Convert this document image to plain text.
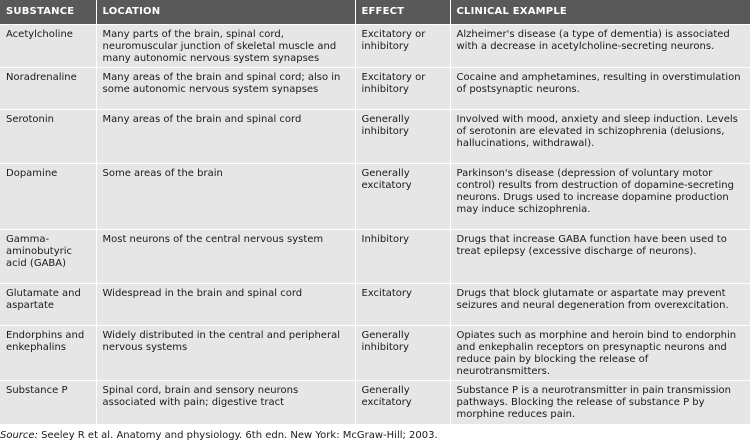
SUBSTANCE	LOCATION	EFFECT	CLINICAL EXAMPLE
Acetylcholine	Many parts of the brain, spinal cord, neuromuscular junction of skeletal muscle and many autonomic nervous system synapses	Excitatory or inhibitory	Alzheimer's disease (a type of dementia) is associated with a decrease in acetylcholine-secreting neurons.
Noradrenaline	Many areas of the brain and spinal cord; also in some autonomic nervous system synapses	Excitatory or inhibitory	Cocaine and amphetamines, resulting in overstimulation of postsynaptic neurons.
Serotonin	Many areas of the brain and spinal cord	Generally inhibitory	Involved with mood, anxiety and sleep induction. Levels of serotonin are elevated in schizophrenia (delusions, hallucinations, withdrawal).
Dopamine	Some areas of the brain	Generally excitatory	Parkinson's disease (depression of voluntary motor control) results from destruction of dopamine-secreting neurons. Drugs used to increase dopamine production may induce schizophrenia.
Gamma-aminobutyric acid (GABA)	Most neurons of the central nervous system	Inhibitory	Drugs that increase GABA function have been used to treat epilepsy (excessive discharge of neurons).
Glutamate and aspartate	Widespread in the brain and spinal cord	Excitatory	Drugs that block glutamate or aspartate may prevent seizures and neural degeneration from overexcitation.
Endorphins and enkephalins	Widely distributed in the central and peripheral nervous systems	Generally inhibitory	Opiates such as morphine and heroin bind to endorphin and enkephalin receptors on presynaptic neurons and reduce pain by blocking the release of neurotransmitters.
Substance P	Spinal cord, brain and sensory neurons associated with pain; digestive tract	Generally excitatory	Substance P is a neurotransmitter in pain transmission pathways. Blocking the release of substance P by morphine reduces pain.
Source: Seeley R et al. Anatomy and physiology. 6th edn. New York: McGraw-Hill; 2003.
